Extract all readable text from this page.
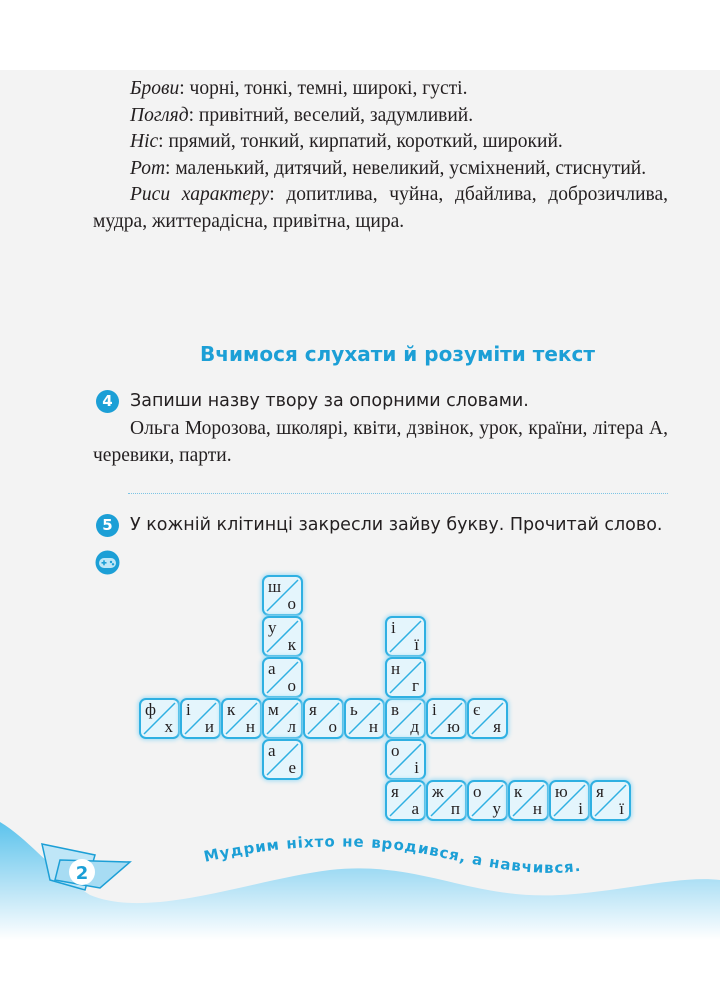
Брови: чорні, тонкі, темні, широкі, густі.

Погляд: привітний, веселий, задумливий.

Ніс: прямий, тонкий, кирпатий, короткий, широкий.

Рот: маленький, дитячий, невеликий, усміхнений, стиснутий.

Риси характеру: допитлива, чуйна, дбайлива, доброзичлива, мудра, життерадісна, привітна, щира.

Вчимося слухати й розуміти текст
4 Запиши назву твору за опорними словами.

Ольга Морозова, школярі, квіти, дзвінок, урок, країни, літера А, черевики, парти.

5 У кожній клітинці закресли зайву букву. Прочитай слово.
ш
о
у
к
а
о
ф
х
і
и
к
н
м
л
я
о
ь
н
в
д
і
ю
є
я
а
е
і
ї
н
г
о
і
я
а
ж
п
о
у
к
н
ю
і
я
ї
2
Мудрим ніхто не вродився, а навчився.
